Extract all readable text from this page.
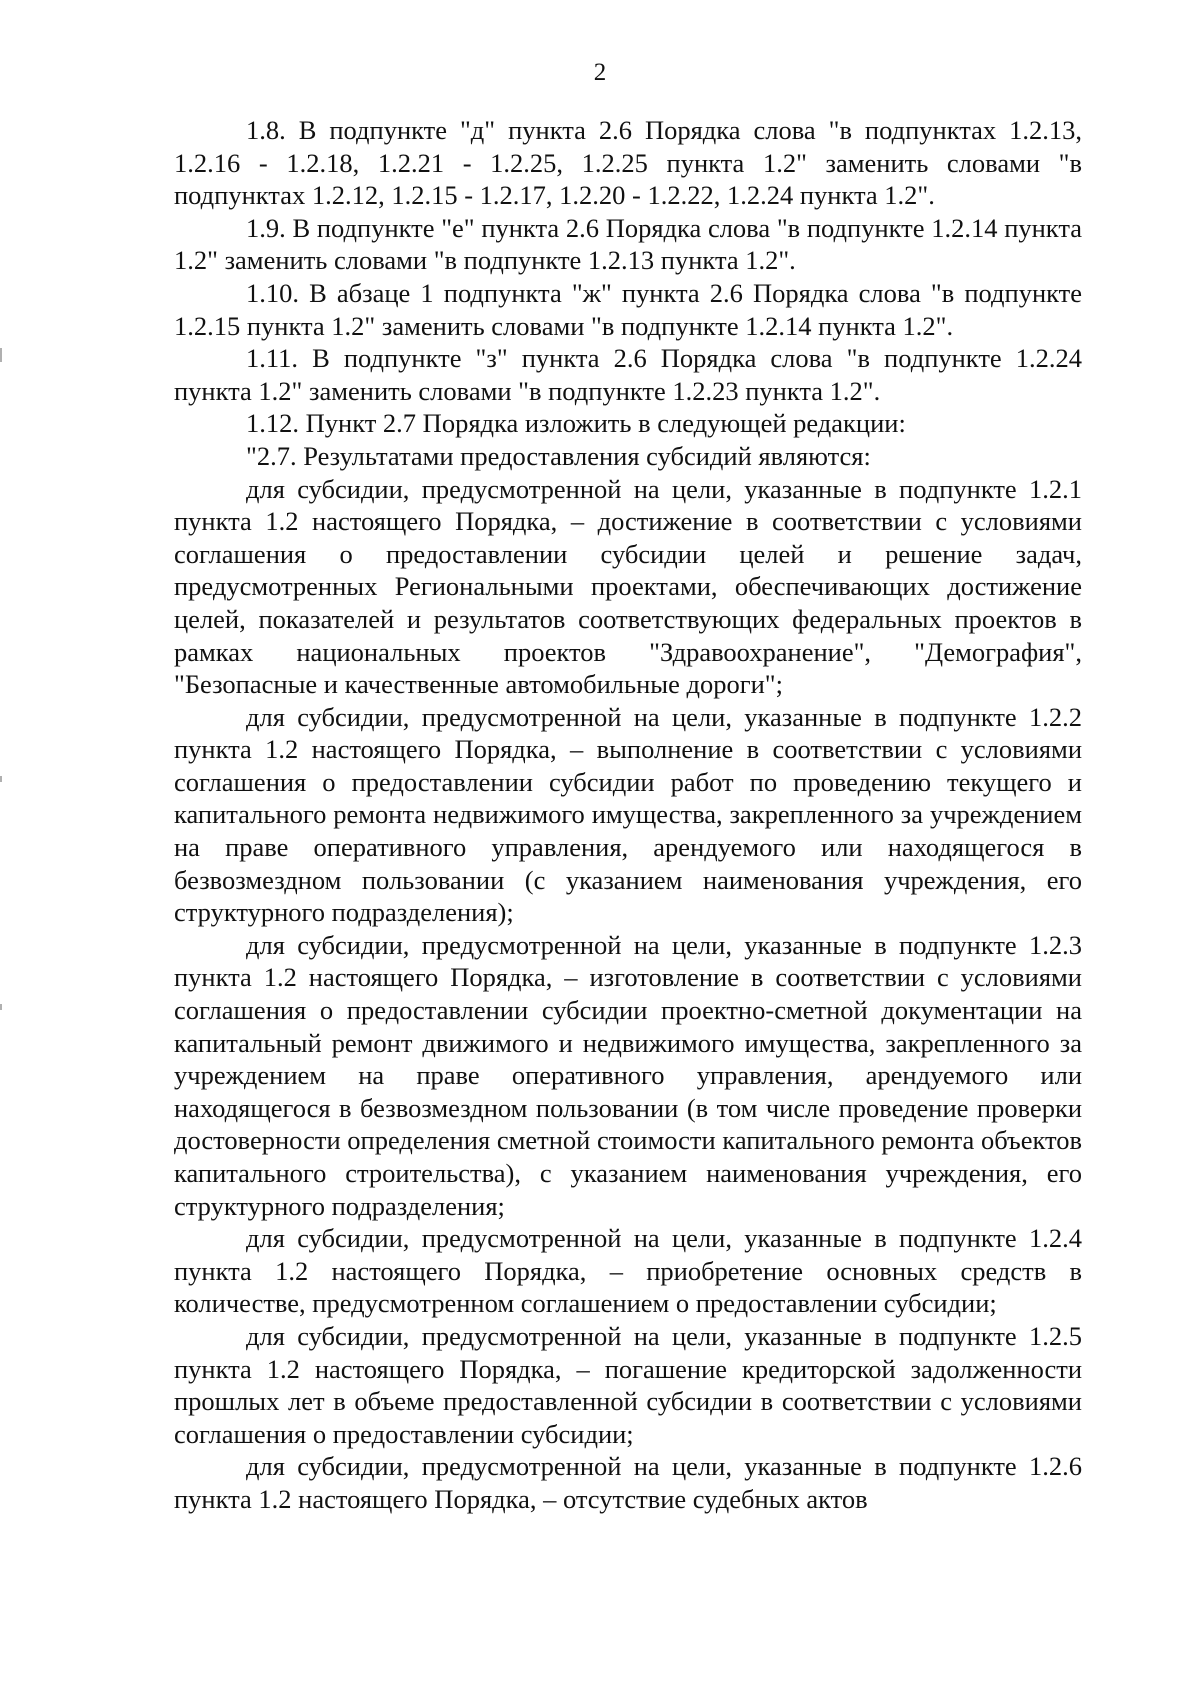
2

1.8. В подпункте "д" пункта 2.6 Порядка слова "в подпунктах 1.2.13, 1.2.16 - 1.2.18, 1.2.21 - 1.2.25, 1.2.25 пункта 1.2" заменить словами "в подпунктах 1.2.12, 1.2.15 - 1.2.17, 1.2.20 - 1.2.22, 1.2.24 пункта 1.2".

1.9. В подпункте "е" пункта 2.6 Порядка слова "в подпункте 1.2.14 пункта 1.2" заменить словами "в подпункте 1.2.13 пункта 1.2".

1.10. В абзаце 1 подпункта "ж" пункта 2.6 Порядка слова "в подпункте 1.2.15 пункта 1.2" заменить словами "в подпункте 1.2.14 пункта 1.2".

1.11. В подпункте "з" пункта 2.6 Порядка слова "в подпункте 1.2.24 пункта 1.2" заменить словами "в подпункте 1.2.23 пункта 1.2".

1.12. Пункт 2.7 Порядка изложить в следующей редакции:

"2.7. Результатами предоставления субсидий являются:

для субсидии, предусмотренной на цели, указанные в подпункте 1.2.1 пункта 1.2 настоящего Порядка, – достижение в соответствии с условиями соглашения о предоставлении субсидии целей и решение задач, предусмотренных Региональными проектами, обеспечивающих достижение целей, показателей и результатов соответствующих федеральных проектов в рамках национальных проектов "Здравоохранение", "Демография", "Безопасные и качественные автомобильные дороги";

для субсидии, предусмотренной на цели, указанные в подпункте 1.2.2 пункта 1.2 настоящего Порядка, – выполнение в соответствии с условиями соглашения о предоставлении субсидии работ по проведению текущего и капитального ремонта недвижимого имущества, закрепленного за учреждением на праве оперативного управления, арендуемого или находящегося в безвозмездном пользовании (с указанием наименования учреждения, его структурного подразделения);

для субсидии, предусмотренной на цели, указанные в подпункте 1.2.3 пункта 1.2 настоящего Порядка, – изготовление в соответствии с условиями соглашения о предоставлении субсидии проектно-сметной документации на капитальный ремонт движимого и недвижимого имущества, закрепленного за учреждением на праве оперативного управления, арендуемого или находящегося в безвозмездном пользовании (в том числе проведение проверки достоверности определения сметной стоимости капитального ремонта объектов капитального строительства), с указанием наименования учреждения, его структурного подразделения;

для субсидии, предусмотренной на цели, указанные в подпункте 1.2.4 пункта 1.2 настоящего Порядка, – приобретение основных средств в количестве, предусмотренном соглашением о предоставлении субсидии;

для субсидии, предусмотренной на цели, указанные в подпункте 1.2.5 пункта 1.2 настоящего Порядка, – погашение кредиторской задолженности прошлых лет в объеме предоставленной субсидии в соответствии с условиями соглашения о предоставлении субсидии;

для субсидии, предусмотренной на цели, указанные в подпункте 1.2.6 пункта 1.2 настоящего Порядка, – отсутствие судебных актов
